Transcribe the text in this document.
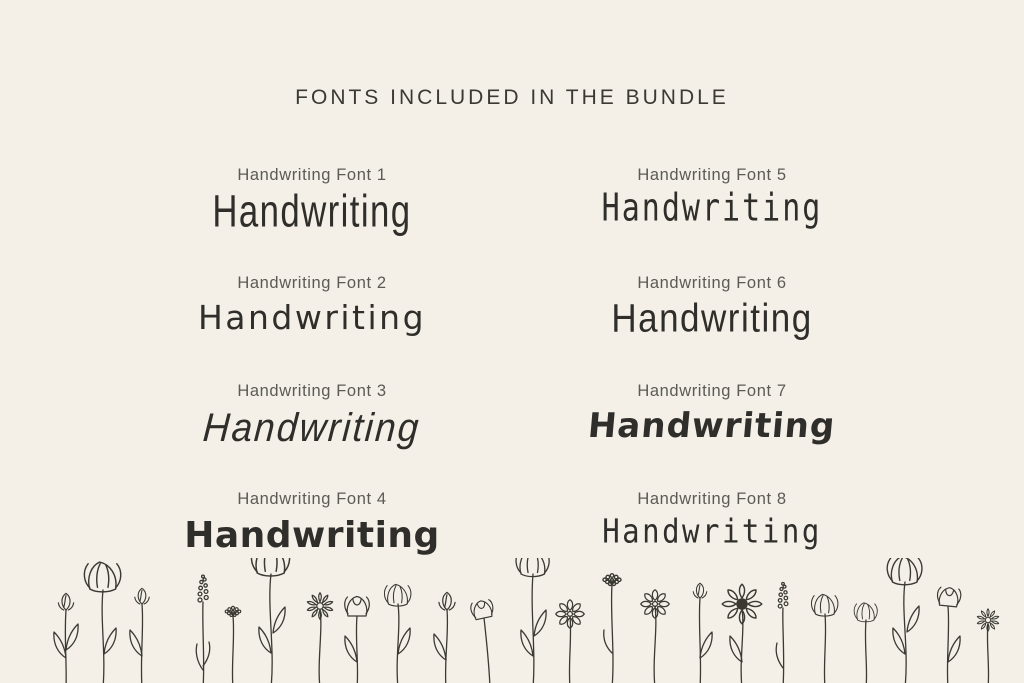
FONTS INCLUDED IN THE BUNDLE
Handwriting Font 1
Handwriting
Handwriting Font 2
Handwriting
Handwriting Font 3
Handwriting
Handwriting Font 4
Handwriting
Handwriting Font 5
Handwriting
Handwriting Font 6
Handwriting
Handwriting Font 7
Handwriting
Handwriting Font 8
Handwriting
